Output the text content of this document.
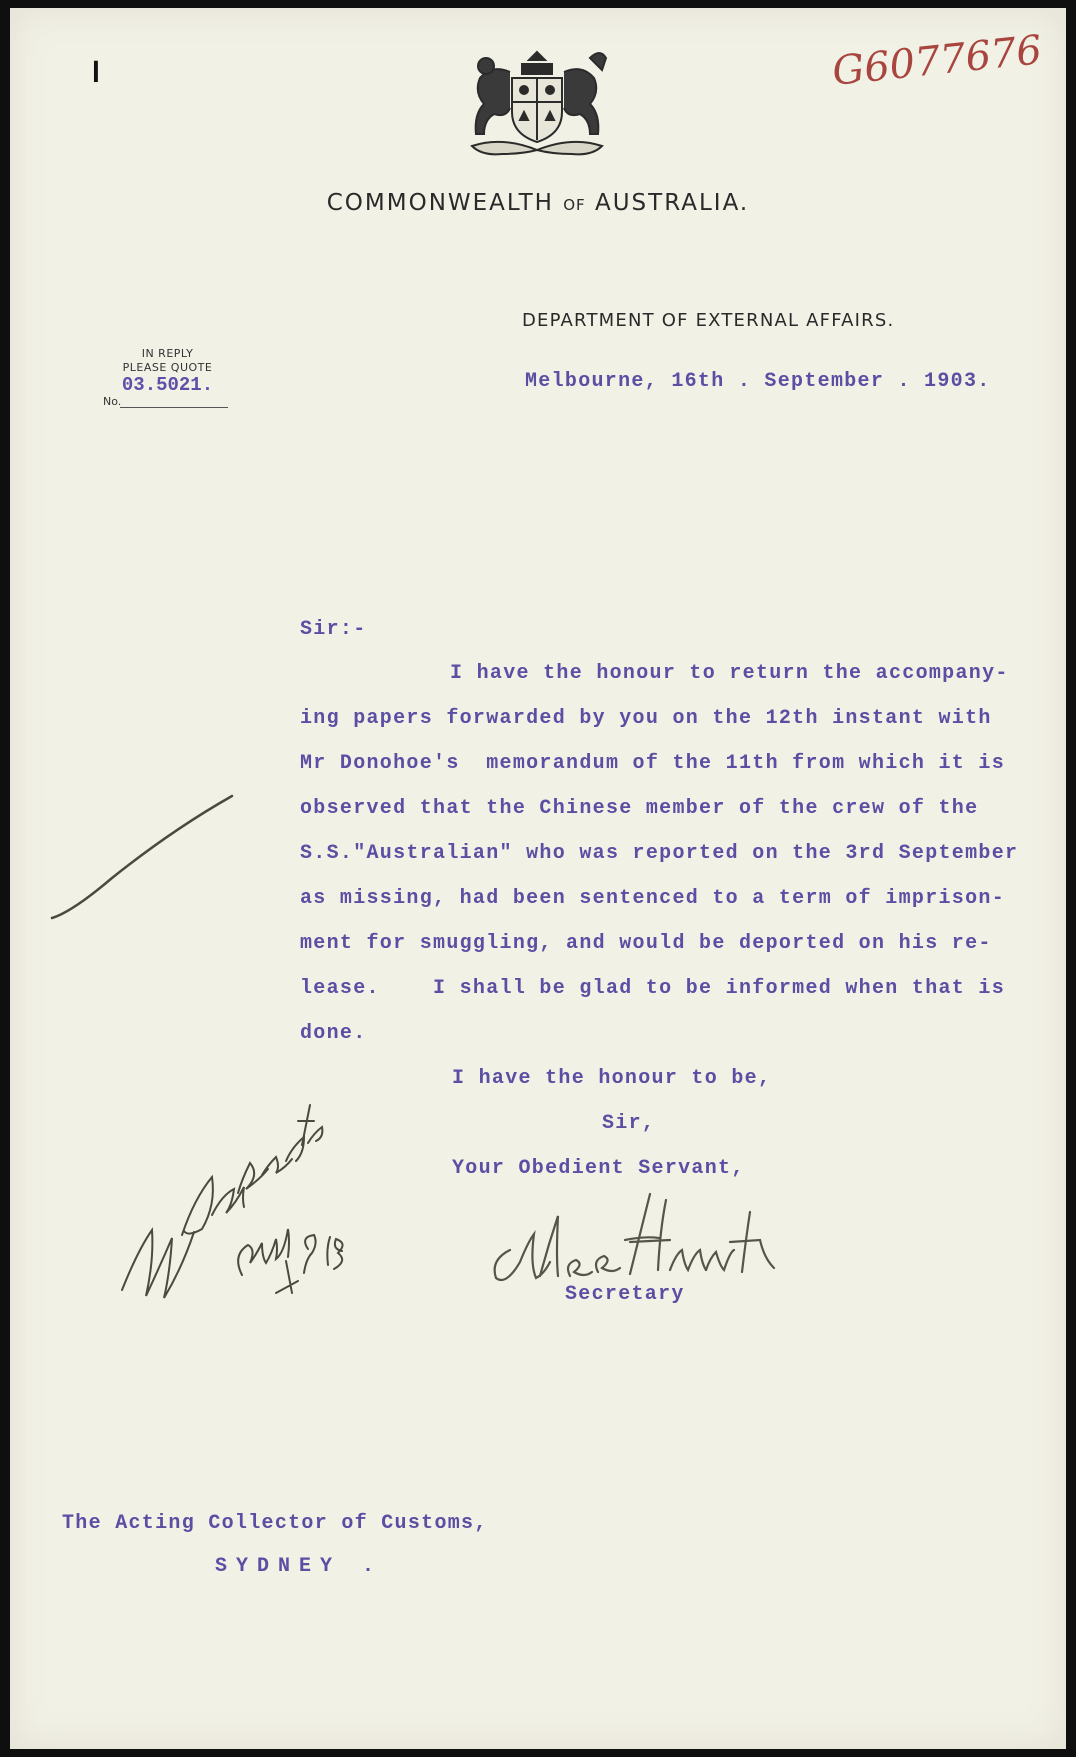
❙	G6077676
COMMONWEALTH OF AUSTRALIA.
DEPARTMENT OF EXTERNAL AFFAIRS.
IN REPLY
PLEASE QUOTE
03.5021.
No.
Melbourne, 16th . September . 1903.
Sir:-
I have the honour to return the accompany-
ing papers forwarded by you on the 12th instant with
Mr Donohoe's  memorandum of the 11th from which it is
observed that the Chinese member of the crew of the
S.S."Australian" who was reported on the 3rd September
as missing, had been sentenced to a term of imprison-
ment for smuggling, and would be deported on his re-
lease.    I shall be glad to be informed when that is
done.
I have the honour to be,
Sir,
Your Obedient Servant,
Secretary
The Acting Collector of Customs,
SYDNEY .
